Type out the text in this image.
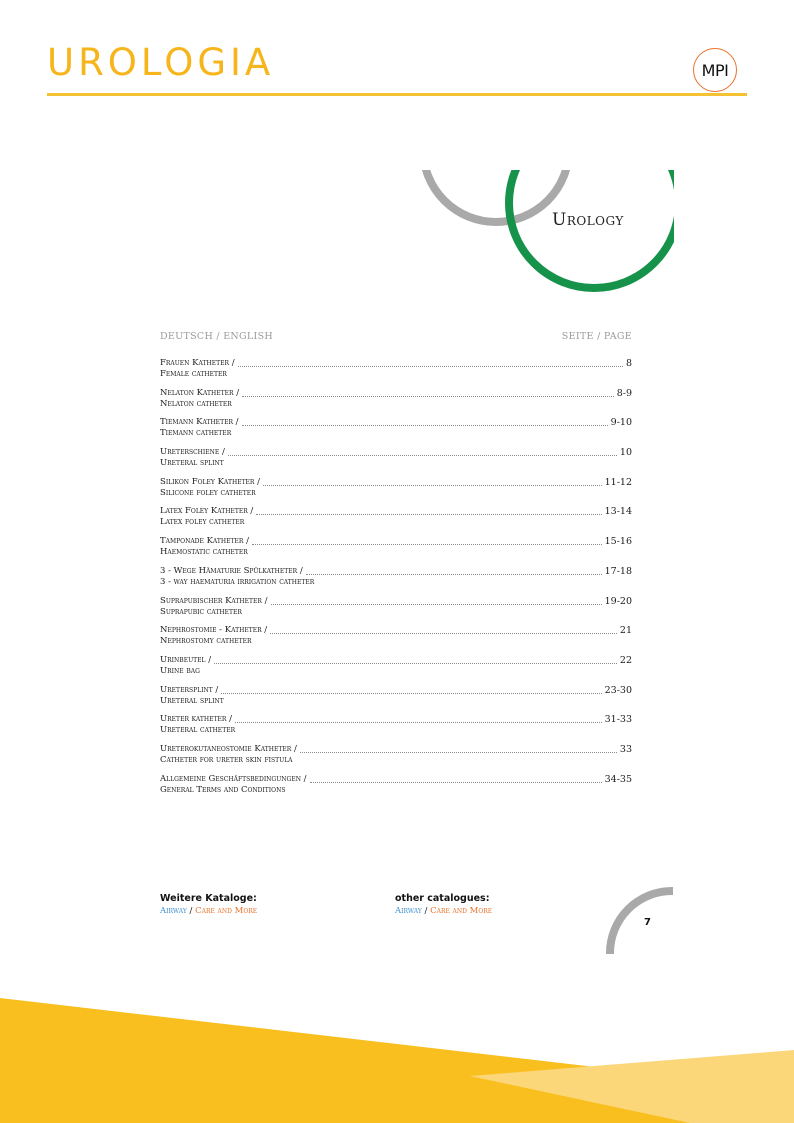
UROLOGIA	MPI
Urology
DEUTSCH / ENGLISH	SEITE / PAGE
Frauen Katheter /	8
Female catheter
Nelaton Katheter /	8-9
Nelaton catheter
Tiemann Katheter /	9-10
Tiemann catheter
Ureterschiene /	10
Ureteral splint
Silikon Foley Katheter /	11-12
Silicone foley catheter
Latex Foley Katheter /	13-14
Latex foley catheter
Tamponade Katheter /	15-16
Haemostatic catheter
3 - Wege Hämaturie Spülkatheter /	17-18
3 - way haematuria irrigation catheter
Suprapubischer Katheter /	19-20
Suprapubic catheter
Nephrostomie - Katheter /	21
Nephrostomy catheter
Urinbeutel /	22
Urine bag
Uretersplint /	23-30
Ureteral splint
Ureter katheter /	31-33
Ureteral catheter
Ureterokutaneostomie Katheter /	33
Catheter for ureter skin fistula
Allgemeine Geschäftsbedingungen /	34-35
General Terms and Conditions
Weitere Kataloge:
Airway / Care and More
other catalogues:
Airway / Care and More
7
